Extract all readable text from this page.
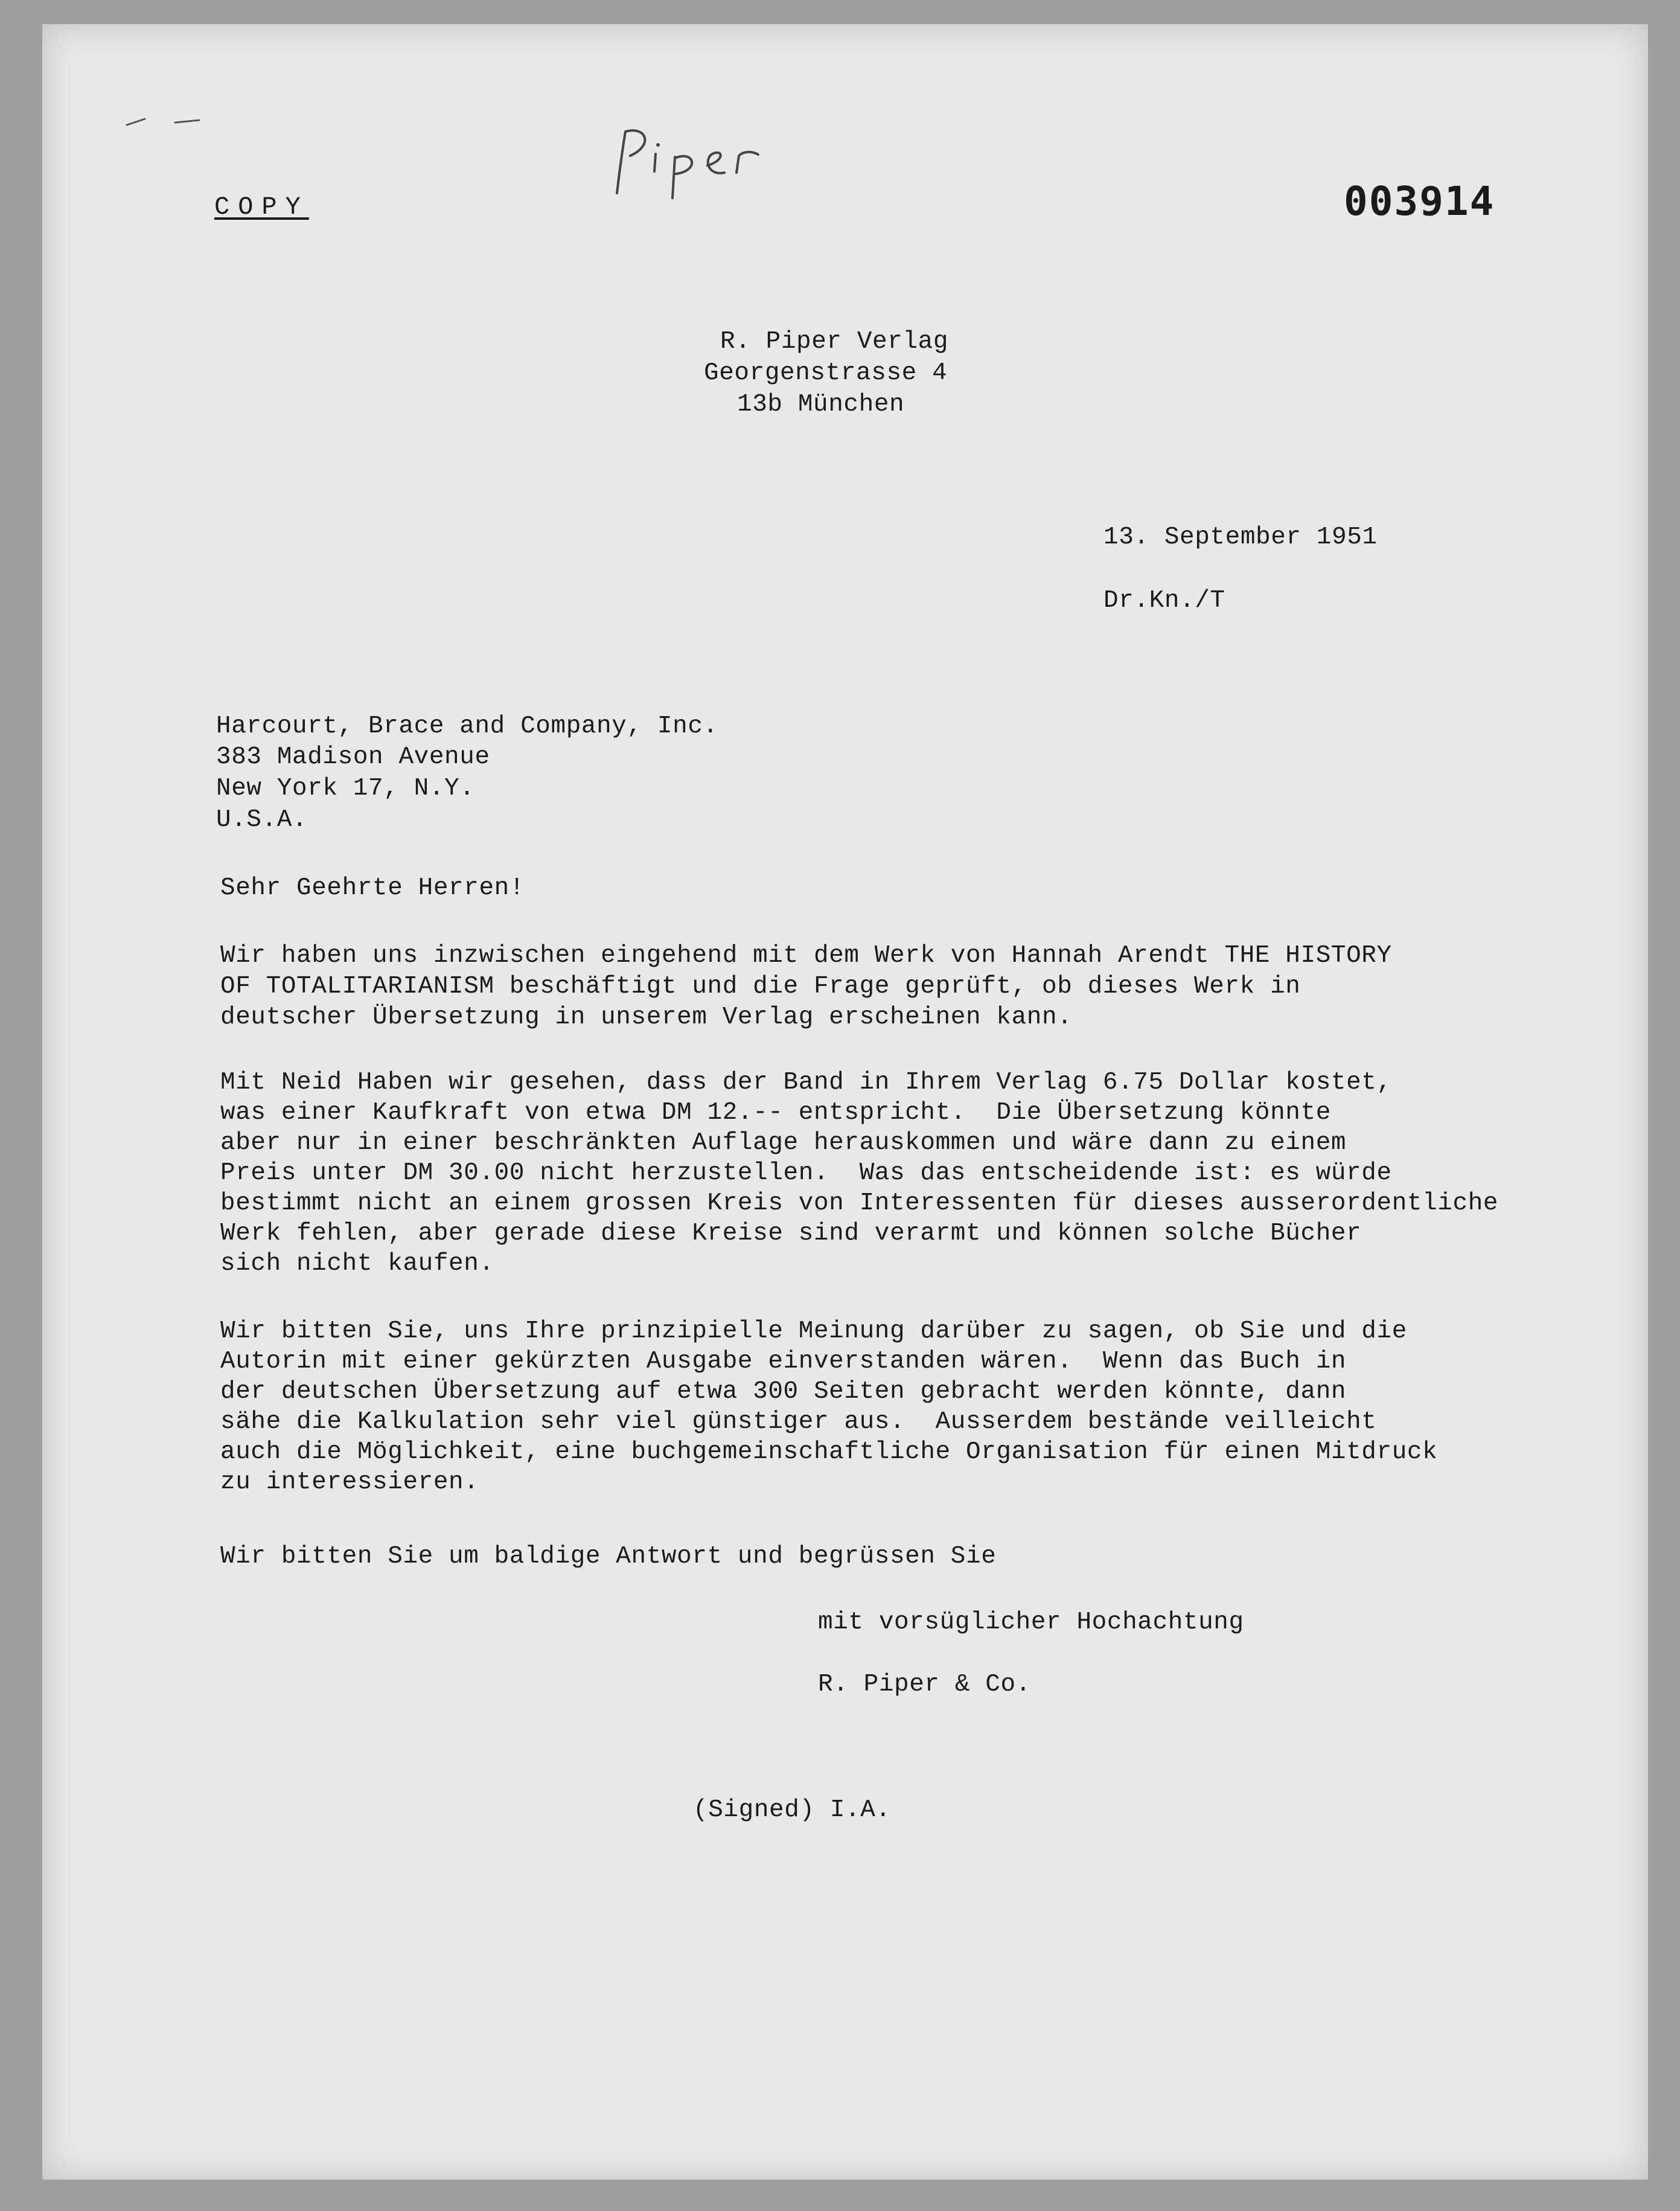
COPY	003914
R. Piper Verlag
Georgenstrasse 4
13b München
13. September 1951
Dr.Kn./T
Harcourt, Brace and Company, Inc.
383 Madison Avenue
New York 17, N.Y.
U.S.A.
Sehr Geehrte Herren!
Wir haben uns inzwischen eingehend mit dem Werk von Hannah Arendt THE HISTORY
OF TOTALITARIANISM beschäftigt und die Frage geprüft, ob dieses Werk in
deutscher Übersetzung in unserem Verlag erscheinen kann.
Mit Neid Haben wir gesehen, dass der Band in Ihrem Verlag 6.75 Dollar kostet,
was einer Kaufkraft von etwa DM 12.-- entspricht.  Die Übersetzung könnte
aber nur in einer beschränkten Auflage herauskommen und wäre dann zu einem
Preis unter DM 30.00 nicht herzustellen.  Was das entscheidende ist: es würde
bestimmt nicht an einem grossen Kreis von Interessenten für dieses ausserordentliche
Werk fehlen, aber gerade diese Kreise sind verarmt und können solche Bücher
sich nicht kaufen.
Wir bitten Sie, uns Ihre prinzipielle Meinung darüber zu sagen, ob Sie und die
Autorin mit einer gekürzten Ausgabe einverstanden wären.  Wenn das Buch in
der deutschen Übersetzung auf etwa 300 Seiten gebracht werden könnte, dann
sähe die Kalkulation sehr viel günstiger aus.  Ausserdem bestände veilleicht
auch die Möglichkeit, eine buchgemeinschaftliche Organisation für einen Mitdruck
zu interessieren.
Wir bitten Sie um baldige Antwort und begrüssen Sie
mit vorsüglicher Hochachtung
R. Piper & Co.
(Signed) I.A.
